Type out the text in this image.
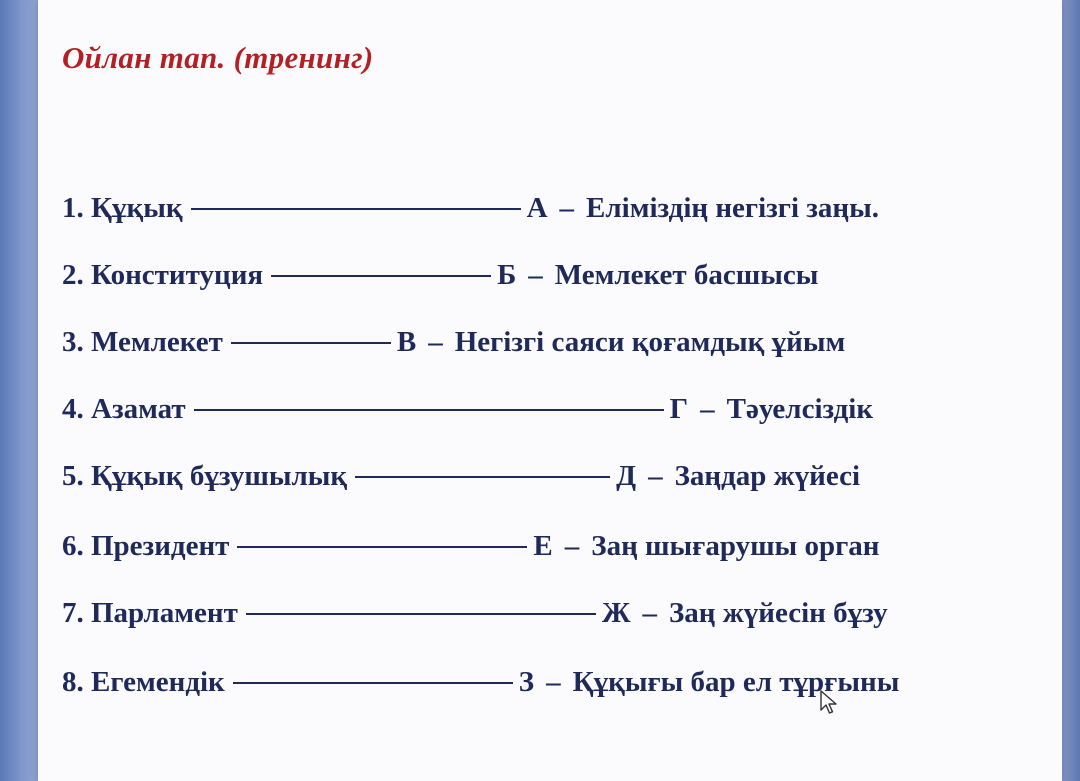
Ойлан тап. (тренинг)
1. Құқық	А – Еліміздің негізгі заңы.
2. Конституция	Б – Мемлекет басшысы
3. Мемлекет	В – Негізгі саяси қоғамдық ұйым
4. Азамат	Г – Тәуелсіздік
5. Құқық бұзушылық	Д – Заңдар жүйесі
6. Президент	Е – Заң шығарушы орган
7. Парламент	Ж – Заң жүйесін бұзу
8. Егемендік	З – Құқығы бар ел тұрғыны
